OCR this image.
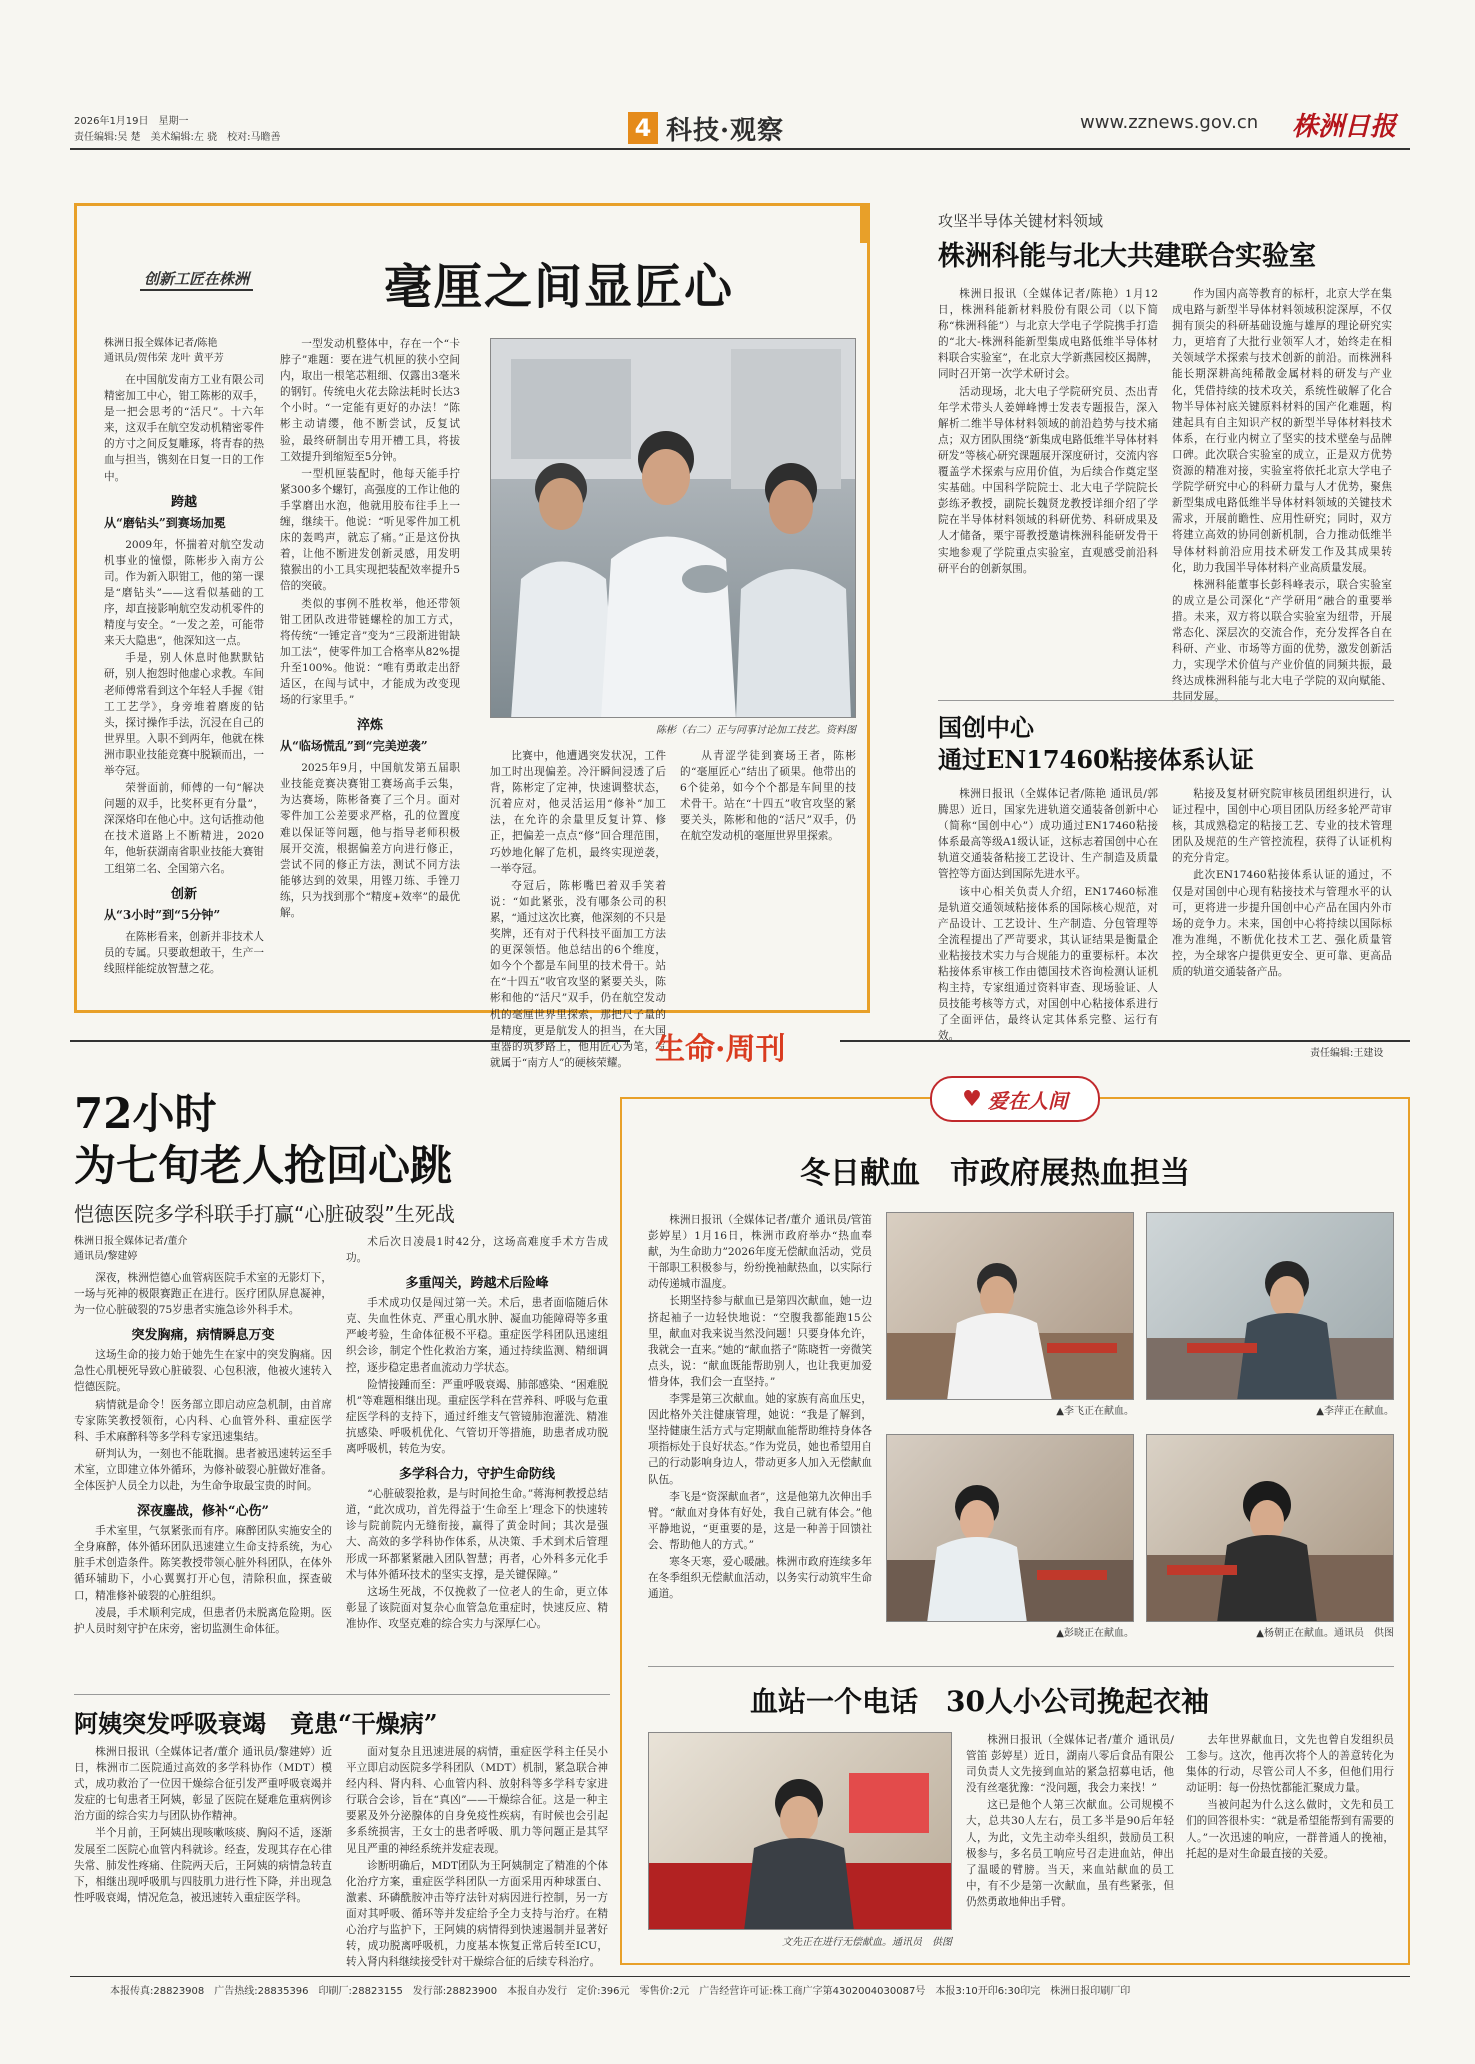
2026年1月19日　星期一
责任编辑:吴 楚　美术编辑:左 骁　校对:马瞻善	4 科技·观察	www.zznews.gov.cn 株洲日报
创新工匠在株洲	毫厘之间显匠心
株洲日报全媒体记者/陈艳
通讯员/贺伟荣 龙叶 黄平芳

在中国航发南方工业有限公司精密加工中心，钳工陈彬的双手，是一把会思考的“活尺”。十六年来，这双手在航空发动机精密零件的方寸之间反复雕琢，将青春的热血与担当，镌刻在日复一日的工作中。

跨越
从“磨钻头”到赛场加冕

2009年，怀揣着对航空发动机事业的憧憬，陈彬步入南方公司。作为新入职钳工，他的第一课是“磨钻头”——这看似基础的工序，却直接影响航空发动机零件的精度与安全。“一发之差，可能带来天大隐患”，他深知这一点。

手是，别人休息时他默默钻研，别人抱怨时他虚心求教。车间老师傅常看到这个年轻人手握《钳工工艺学》，身旁堆着磨废的钻头，探讨操作手法，沉浸在自己的世界里。入职不到两年，他就在株洲市职业技能竞赛中脱颖而出，一举夺冠。

荣誉面前，师傅的一句“解决问题的双手，比奖杯更有分量”，深深烙印在他心中。这句话推动他在技术道路上不断精进，2020年，他斩获湖南省职业技能大赛钳工组第二名、全国第六名。

创新
从“3小时”到“5分钟”

在陈彬看来，创新并非技术人员的专属。只要敢想敢干，生产一线照样能绽放智慧之花。

一型发动机整体中，存在一个“卡脖子”难题：要在进气机匣的狭小空间内，取出一根笔芯粗细、仅露出3毫米的钢钉。传统电火花去除法耗时长达3个小时。“一定能有更好的办法！”陈彬主动请缨，他不断尝试，反复试验，最终研制出专用开槽工具，将拔工效提升到缩短至5分钟。

一型机匣装配时，他每天能手拧紧300多个螺钉，高强度的工作让他的手掌磨出水泡，他就用胶布往手上一缠，继续干。他说：“听见零件加工机床的轰鸣声，就忘了痛。”正是这份执着，让他不断进发创新灵感，用发明猿猴出的小工具实现把装配效率提升5倍的突破。

类似的事例不胜枚举，他还带领钳工团队改进带链螺栓的加工方式，将传统“一锤定音”变为“三段渐进钳缺加工法”，使零件加工合格率从82%提升至100%。他说：“唯有勇敢走出舒适区，在闯与试中，才能成为改变现场的行家里手。”

淬炼
从“临场慌乱”到“完美逆袭”

2025年9月，中国航发第五届职业技能竞赛决赛钳工赛场高手云集，为达赛场，陈彬备赛了三个月。面对零件加工公差要求严格，孔的位置度难以保证等问题，他与指导老师积极展开交流，根据偏差方向进行修正，尝试不同的修正方法，测试不同方法能够达到的效果，用铿刀练、手锉刀练，只为找到那个“精度+效率”的最优解。

陈彬（右二）正与同事讨论加工技艺。资料图

比赛中，他遭遇突发状况，工件加工时出现偏差。冷汗瞬间浸透了后背，陈彬定了定神，快速调整状态，沉着应对，他灵活运用“修补”加工法，在允许的余量里反复计算、修正，把偏差一点点“修”回合理范围，巧妙地化解了危机，最终实现逆袭，一举夺冠。

夺冠后，陈彬嘴巴着双手笑着说：“如此紧张，没有哪条公司的积累，“通过这次比赛，他深刻的不只是奖牌，还有对于代科技平面加工方法的更深领悟。他总结出的6个维度，如今个个都是车间里的技术骨干。站在“十四五”收官攻坚的紧要关头，陈彬和他的“活尺”双手，仍在航空发动机的毫厘世界里探索，那把尺子量的是精度，更是航发人的担当，在大国重器的筑梦路上，他用匠心为笔，写就属于“南方人”的硬核荣耀。

从青涩学徒到赛场王者，陈彬的“毫厘匠心”结出了硕果。他带出的6个徒弟，如今个个都是车间里的技术骨干。站在“十四五”收官攻坚的紧要关头，陈彬和他的“活尺”双手，仍在航空发动机的毫厘世界里探索。

攻坚半导体关键材料领域
株洲科能与北大共建联合实验室

株洲日报讯（全媒体记者/陈艳）1月12日，株洲科能新材料股份有限公司（以下简称“株洲科能”）与北京大学电子学院携手打造的“北大-株洲科能新型集成电路低维半导体材料联合实验室”，在北京大学新燕园校区揭牌，同时召开第一次学术研讨会。

活动现场，北大电子学院研究员、杰出青年学术带头人姜婵峰博士发表专题报告，深入解析二维半导体材料领域的前沿趋势与技术痛点；双方团队围绕“新集成电路低维半导体材料研发”等核心研究课题展开深度研讨，交流内容覆盖学术探索与应用价值，为后续合作奠定坚实基础。中国科学院院士、北大电子学院院长彭练矛教授，副院长魏贤龙教授详细介绍了学院在半导体材料领域的科研优势、科研成果及人才储备，栗宇哥教授邀请株洲科能研发骨干实地参观了学院重点实验室，直观感受前沿科研平台的创新氛围。

作为国内高等教育的标杆，北京大学在集成电路与新型半导体材料领域积淀深厚，不仅拥有顶尖的科研基础设施与雄厚的理论研究实力，更培育了大批行业领军人才，始终走在相关领域学术探索与技术创新的前沿。而株洲科能长期深耕高纯稀散金属材料的研发与产业化，凭借持续的技术攻关，系统性破解了化合物半导体衬底关键原料材料的国产化难题，构建起具有自主知识产权的新型半导体材料技术体系，在行业内树立了坚实的技术壁垒与品牌口碑。此次联合实验室的成立，正是双方优势资源的精准对接，实验室将依托北京大学电子学院学研究中心的科研力量与人才优势，聚焦新型集成电路低维半导体材料领域的关键技术需求，开展前瞻性、应用性研究；同时，双方将建立高效的协同创新机制，合力推动低维半导体材料前沿应用技术研发工作及其成果转化，助力我国半导体材料产业高质量发展。

株洲科能董事长彭科峰表示，联合实验室的成立是公司深化“产学研用”融合的重要举措。未来，双方将以联合实验室为纽带，开展常态化、深层次的交流合作，充分发挥各自在科研、产业、市场等方面的优势，激发创新活力，实现学术价值与产业价值的同频共振，最终达成株洲科能与北大电子学院的双向赋能、共同发展。

国创中心
通过EN17460粘接体系认证

株洲日报讯（全媒体记者/陈艳 通讯员/郭腾思）近日，国家先进轨道交通装备创新中心（简称“国创中心”）成功通过EN17460粘接体系最高等级A1级认证，这标志着国创中心在轨道交通装备粘接工艺设计、生产制造及质量管控等方面达到国际先进水平。

该中心相关负责人介绍，EN17460标准是轨道交通领域粘接体系的国际核心规范，对产品设计、工艺设计、生产制造、分包管理等全流程提出了严苛要求，其认证结果是衡量企业粘接技术实力与合规能力的重要标杆。本次粘接体系审核工作由德国技术咨询检测认证机构主持，专家组通过资料审查、现场验证、人员技能考核等方式，对国创中心粘接体系进行了全面评估，最终认定其体系完整、运行有效。

粘接及复材研究院审核员团组织进行，认证过程中，国创中心项目团队历经多轮严苛审核，其成熟稳定的粘接工艺、专业的技术管理团队及规范的生产管控流程，获得了认证机构的充分肯定。

此次EN17460粘接体系认证的通过，不仅是对国创中心现有粘接技术与管理水平的认可，更将进一步提升国创中心产品在国内外市场的竞争力。未来，国创中心将持续以国际标准为准绳，不断优化技术工艺、强化质量管控，为全球客户提供更安全、更可靠、更高品质的轨道交通装备产品。

生命·周刊	责任编辑:王建设
72小时
为七旬老人抢回心跳
恺德医院多学科联手打赢“心脏破裂”生死战
株洲日报全媒体记者/董介
通讯员/黎建婷

深夜，株洲恺德心血管病医院手术室的无影灯下，一场与死神的极限赛跑正在进行。医疗团队屏息凝神，为一位心脏破裂的75岁患者实施急诊外科手术。

突发胸痛，病情瞬息万变

这场生命的接力始于她先生在家中的突发胸痛。因急性心肌梗死导致心脏破裂、心包积液，他被火速转入恺德医院。

病情就是命令！医务部立即启动应急机制，由首席专家陈笑教授领衔，心内科、心血管外科、重症医学科、手术麻醉科等多学科专家迅速集结。

研判认为，一刻也不能耽搁。患者被迅速转运至手术室，立即建立体外循环，为修补破裂心脏做好准备。全体医护人员全力以赴，为生命争取最宝贵的时间。

深夜鏖战，修补“心伤”

手术室里，气氛紧张而有序。麻醉团队实施安全的全身麻醉，体外循环团队迅速建立生命支持系统，为心脏手术创造条件。陈笑教授带领心脏外科团队，在体外循环辅助下，小心翼翼打开心包，清除积血，探查破口，精准修补破裂的心脏组织。

凌晨，手术顺利完成，但患者仍未脱离危险期。医护人员时刻守护在床旁，密切监测生命体征。

术后次日凌晨1时42分，这场高难度手术方告成功。

多重闯关，跨越术后险峰

手术成功仅是闯过第一关。术后，患者面临随后休克、失血性休克、严重心肌水肿、凝血功能障碍等多重严峻考验，生命体征极不平稳。重症医学科团队迅速组织会诊，制定个性化救治方案，通过持续监测、精细调控，逐步稳定患者血流动力学状态。

险情接踵而至：严重呼吸衰竭、肺部感染、“困难脱机”等难题相继出现。重症医学科在营养科、呼吸与危重症医学科的支持下，通过纤维支气管镜肺泡灌洗、精准抗感染、呼吸机优化、气管切开等措施，助患者成功脱离呼吸机，转危为安。

多学科合力，守护生命防线

“心脏破裂抢救，是与时间抢生命。”蒋海柯教授总结道，“此次成功，首先得益于‘生命至上’理念下的快速转诊与院前院内无缝衔接，赢得了黄金时间；其次是强大、高效的多学科协作体系，从决策、手术到术后管理形成一环都紧紧融入团队智慧；再者，心外科多元化手术与体外循环技术的坚实支撑，是关键保障。”

这场生死战，不仅挽救了一位老人的生命，更立体彰显了该院面对复杂心血管急危重症时，快速反应、精准协作、攻坚克难的综合实力与深厚仁心。

阿姨突发呼吸衰竭　竟患“干燥病”

株洲日报讯（全媒体记者/董介 通讯员/黎建婷）近日，株洲市二医院通过高效的多学科协作（MDT）模式，成功救治了一位因干燥综合征引发严重呼吸衰竭并发症的七旬患者王阿姨，彰显了医院在疑难危重病例诊治方面的综合实力与团队协作精神。

半个月前，王阿姨出现咳嗽咳痰、胸闷不适，逐渐发展至二医院心血管内科就诊。经查，发现其存在心律失常、肺发性疼痛、住院两天后，王阿姨的病情急转直下，相继出现呼吸肌与四肢肌力进行性下降，并出现急性呼吸衰竭，情况危急，被迅速转入重症医学科。

面对复杂且迅速进展的病情，重症医学科主任吴小平立即启动医院多学科团队（MDT）机制，紧急联合神经内科、肾内科、心血管内科、放射科等多学科专家进行联合会诊，旨在“真凶”——干燥综合征。这是一种主要累及外分泌腺体的自身免疫性疾病，有时候也会引起多系统损害，王女士的患者呼吸、肌力等问题正是其罕见且严重的神经系统并发症表现。

诊断明确后，MDT团队为王阿姨制定了精准的个体化治疗方案，重症医学科团队一方面采用丙种球蛋白、激素、环磷酰胺冲击等疗法针对病因进行控制，另一方面对其呼吸、循环等并发症给予全力支持与治疗。在精心治疗与监护下，王阿姨的病情得到快速遏制并显著好转，成功脱离呼吸机，力度基本恢复正常后转至ICU，转入肾内科继续接受针对干燥综合征的后续专科治疗。

♥ 爱在人间
冬日献血　市政府展热血担当

株洲日报讯（全媒体记者/董介 通讯员/管笛 彭婷星）1月16日，株洲市政府举办“热血奉献，为生命助力”2026年度无偿献血活动，党员干部职工积极参与，纷纷挽袖献热血，以实际行动传递城市温度。

长期坚持参与献血已是第四次献血，她一边挤起袖子一边轻快地说：“空腹我都能跑15公里，献血对我来说当然没问题！只要身体允许，我就会一直来。”她的“献血搭子”陈晓哲一旁微笑点头，说：“献血既能帮助别人，也让我更加爱惜身体，我们会一直坚持。”

李霁是第三次献血。她的家族有高血压史，因此格外关注健康管理，她说：“我是了解到，坚持健康生活方式与定期献血能帮助维持身体各项指标处于良好状态。”作为党员，她也希望用自己的行动影响身边人，带动更多人加入无偿献血队伍。

李飞是“资深献血者”，这是他第九次伸出手臂。“献血对身体有好处，我自己就有体会。”他平静地说，“更重要的是，这是一种善于回馈社会、帮助他人的方式。”

寒冬天寒，爱心暖融。株洲市政府连续多年在冬季组织无偿献血活动，以务实行动筑牢生命通道。

▲李飞正在献血。	▲李萍正在献血。
▲彭晓正在献血。	▲杨朝正在献血。通讯员　供图
血站一个电话　30人小公司挽起衣袖
文先正在进行无偿献血。通讯员　供图

株洲日报讯（全媒体记者/董介 通讯员/管笛 彭婷星）近日，湖南八零后食品有限公司负责人文先接到血站的紧急招募电话，他没有丝毫犹豫：“没问题，我会力来找！”

这已是他个人第三次献血。公司规模不大，总共30人左右，员工多半是90后年轻人，为此，文先主动牵头组织，鼓励员工积极参与，多名员工响应号召走进血站，伸出了温暖的臂膀。当天，来血站献血的员工中，有不少是第一次献血，虽有些紧张，但仍然勇敢地伸出手臂。

去年世界献血日，文先也曾自发组织员工参与。这次，他再次将个人的善意转化为集体的行动，尽管公司人不多，但他们用行动证明：每一份热忱都能汇聚成力量。

当被问起为什么这么做时，文先和员工们的回答很朴实：“就是希望能帮到有需要的人。”一次迅速的响应，一群普通人的挽袖，托起的是对生命最直接的关爱。

本报传真:28823908　广告热线:28835396　印刷厂:28823155　发行部:28823900　本报自办发行　定价:396元　零售价:2元　广告经营许可证:株工商广字第4302004030087号　本报3:10开印6:30印完　株洲日报印刷厂印
